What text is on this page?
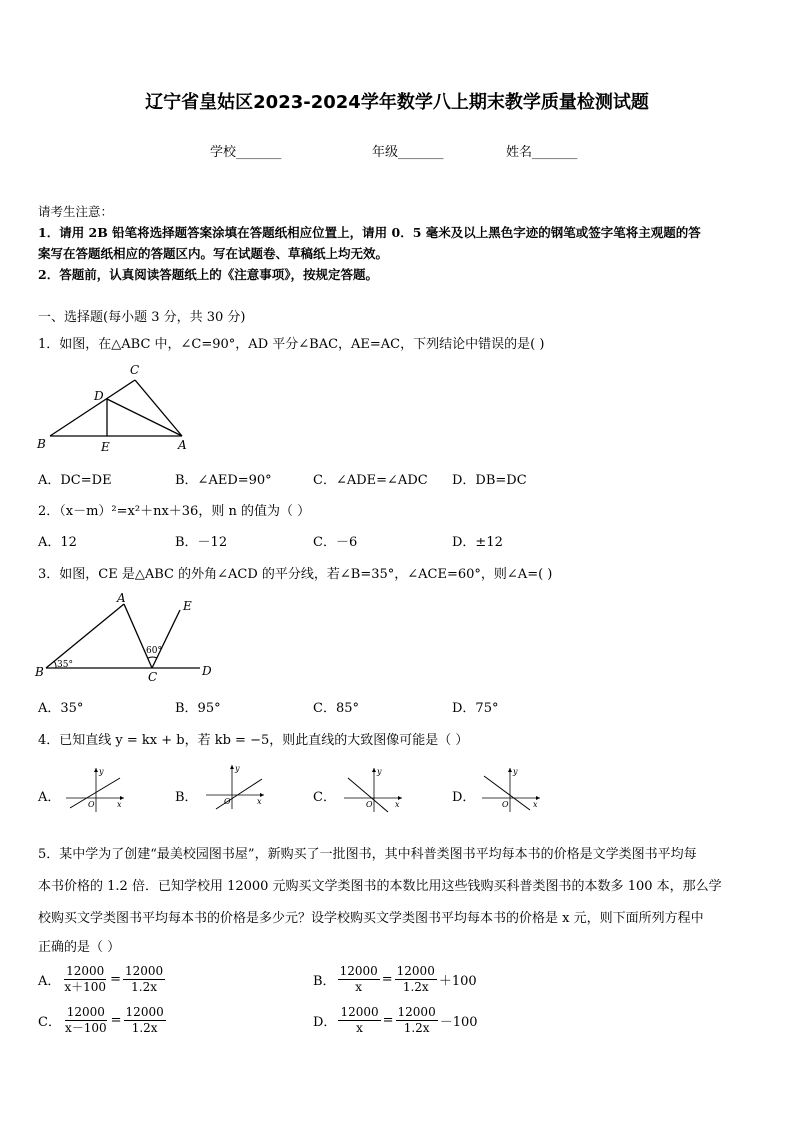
辽宁省皇姑区2023-2024学年数学八上期末教学质量检测试题
学校_______	年级_______	姓名_______
请考生注意：
1．请用 2B 铅笔将选择题答案涂填在答题纸相应位置上，请用 0．5 毫米及以上黑色字迹的钢笔或签字笔将主观题的答
案写在答题纸相应的答题区内。写在试题卷、草稿纸上均无效。
2．答题前，认真阅读答题纸上的《注意事项》，按规定答题。
一、选择题(每小题 3 分，共 30 分)
1．如图，在△ABC 中，∠C=90°，AD 平分∠BAC，AE=AC，下列结论中错误的是( )
C
D
B	E	A
A．DC=DE	B．∠AED=90°	C．∠ADE=∠ADC D．DB=DC
2．（x－m）²=x²＋nx＋36，则 n 的值为（ ）
A．12	B．－12	C．－6	D．±12
3．如图，CE 是△ABC 的外角∠ACD 的平分线，若∠B=35°，∠ACE=60°，则∠A=( )
A
E
B	C	D
35°
60°
A．35°	B．95°	C．85°	D．75°
4．已知直线 y = kx + b，若 kb = −5，则此直线的大致图像可能是（ ）
A．	x
y
O	B．	x
y
O	C．	x
y
O	D．	x
y
O
5．某中学为了创建“最美校园图书屋”，新购买了一批图书，其中科普类图书平均每本书的价格是文学类图书平均每
本书价格的 1.2 倍．已知学校用 12000 元购买文学类图书的本数比用这些钱购买科普类图书的本数多 100 本，那么学
校购买文学类图书平均每本书的价格是多少元？设学校购买文学类图书平均每本书的价格是 x 元，则下面所列方程中
正确的是（ ）
A． $\frac{12000}{x+100} = \frac{12000}{1.2x}$	B． $\frac{12000}{x} = \frac{12000}{1.2x} +100$
C． $\frac{12000}{x-100} = \frac{12000}{1.2x}$	D． $\frac{12000}{x} = \frac{12000}{1.2x} -100$
